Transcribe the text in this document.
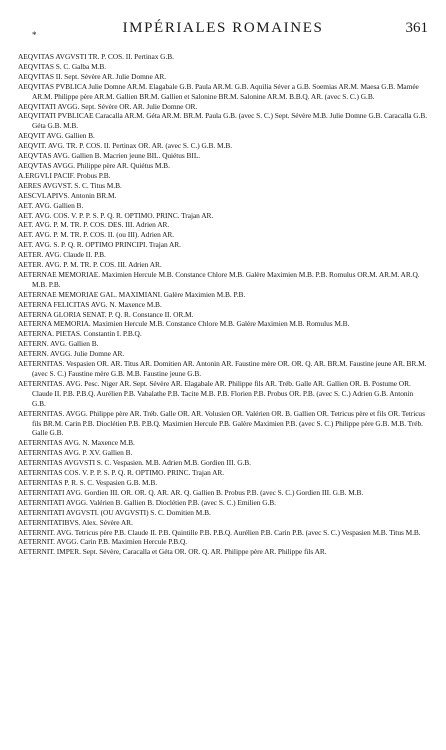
*	IMPÉRIALES ROMAINES	361
AEQVITAS AVGVSTI TR. P. COS. II. Pertinax G.B.
AEQVITAS S. C. Galba M.B.
AEQVITAS II. Sept. Sévère AR. Julie Domne AR.
AEQVITAS PVBLICA Julie Domne AR.M. Elagabale G.B. Paula AR.M. G.B. Aquilia Séver a G.B. Soemias AR.M. Maesa G.B. Mamée AR.M. Philippe père AR.M. Gallien BR.M. Gallien et Salonine BR.M. Salonine AR.M. B.B.Q. AR. (avec S. C.) G.B.
AEQVITATI AVGG. Sept. Sévère OR. AR. Julie Domne OR.
AEQVITATI PVBLICAE Caracalla AR.M. Géta AR.M. BR.M. Paula G.B. (avec S. C.) Sept. Sévère M.B. Julie Domne G.B. Caracalla G.B. Géta G.B. M.B.
AEQVIT AVG. Gallien B.
AEQVIT. AVG. TR. P. COS. II. Pertinax OR. AR. (avec S. C.) G.B. M.B.
AEQVTAS AVG. Gallien B. Macrien jeune BIL. Quiétus BIL.
AEQVTAS AVGG. Philippe père AR. Quiétus M.B.
A.ERGVLI PACIF. Probus P.B.
AERES AVGVST. S. C. Titus M.B.
AESCVLAPIVS. Antonin BR.M.
AET. AVG. Gallien B.
AET. AVG. COS. V. P. P. S. P. Q. R. OPTIMO. PRINC. Trajan AR.
AET. AVG. P. M. TR. P. COS. DES. III. Adrien AR.
AET. AVG. P. M. TR. P. COS. II. (ou III). Adrien AR.
AET. AVG. S. P. Q. R. OPTIMO PRINCIPI. Trajan AR.
AETER. AVG. Claude II. P.B.
AETER. AVG. P. M. TR. P. COS. III. Adrien AR.
AETERNAE MEMORIAE. Maximien Hercule M.B. Constance Chlore M.B. Galère Maximien M.B. P.B. Romulus OR.M. AR.M. AR.Q. M.B. P.B.
AETERNAE MEMORIAE GAL. MAXIMIANI. Galère Maximien M.B. P.B.
AETERNA FELICITAS AVG. N. Maxence M.B.
AETERNA GLORIA SENAT. P. Q. R. Constance II. OR.M.
AETERNA MEMORIA. Maximien Hercule M.B. Constance Chlore M.B. Galère Maximien M.B. Romulus M.B.
AETERNA. PIETAS. Constantin I. P.B.Q.
AETERN. AVG. Gallien B.
AETERN. AVGG. Julie Domne AR.
AETERNITAS. Vespasien OR. AR. Titus AR. Domitien AR. Antonin AR. Faustine mère OR. OR. Q. AR. BR.M. Faustine jeune AR. BR.M. (avec S. C.) Faustine mère G.B. M.B. Faustine jeune G.B.
AETERNITAS. AVG. Pesc. Niger AR. Sept. Sévère AR. Elagabale AR. Philippe fils AR. Tréb. Galle AR. Gallien OR. B. Postume OR. Claude II. P.B. P.B.Q. Aurélien P.B. Vabalathe P.B. Tacite M.B. P.B. Florien P.B. Probus OR. P.B. (avec S. C.) Adrien G.B. Antonin G.B.
AETERNITAS. AVGG. Philippe père AR. Tréb. Galle OR. AR. Volusien OR. Valérien OR. B. Gallien OR. Tetricus père et fils OR. Tetricus fils BR.M. Carin P.B. Dioclétien P.B. P.B.Q. Maximien Hercule P.B. Galère Maximien P.B. (avec S. C.) Philippe père G.B. M.B. Tréb. Galle G.B.
AETERNITAS AVG. N. Maxence M.B.
AETERNITAS AVG. P. XV. Gallien B.
AETERNITAS AVGVSTI S. C. Vespasien. M.B. Adrien M.B. Gordien III. G.B.
AETERNITAS COS. V. P. P. S. P. Q. R. OPTIMO. PRINC. Trajan AR.
AETERNITAS P. R. S. C. Vespasien G.B. M.B.
AETERNITATI AVG. Gordien III. OR. OR. Q. AR. AR. Q. Gallien B. Probus P.B. (avec S. C.) Gordien III. G.B. M.B.
AETERNITATI AVGG. Valérien B. Gallien B. Dioclétien P.B. (avec S. C.) Emilien G.B.
AETERNITATI AVGVSTI. (OU AVGVSTI) S. C. Domitien M.B.
AETERNITATIBVS. Alex. Sévère AR.
AETERNIT. AVG. Tetricus père P.B. Claude II. P.B. Quintille P.B. P.B.Q. Aurélien P.B. Carin P.B. (avec S. C.) Vespasien M.B. Titus M.B.
AETERNIT. AVGG. Carin P.B. Maximien Hercule P.B.Q.
AETERNIT. IMPER. Sept. Sévère, Caracalla et Géta OR. OR. Q. AR. Philippe père AR. Philippe fils AR.
